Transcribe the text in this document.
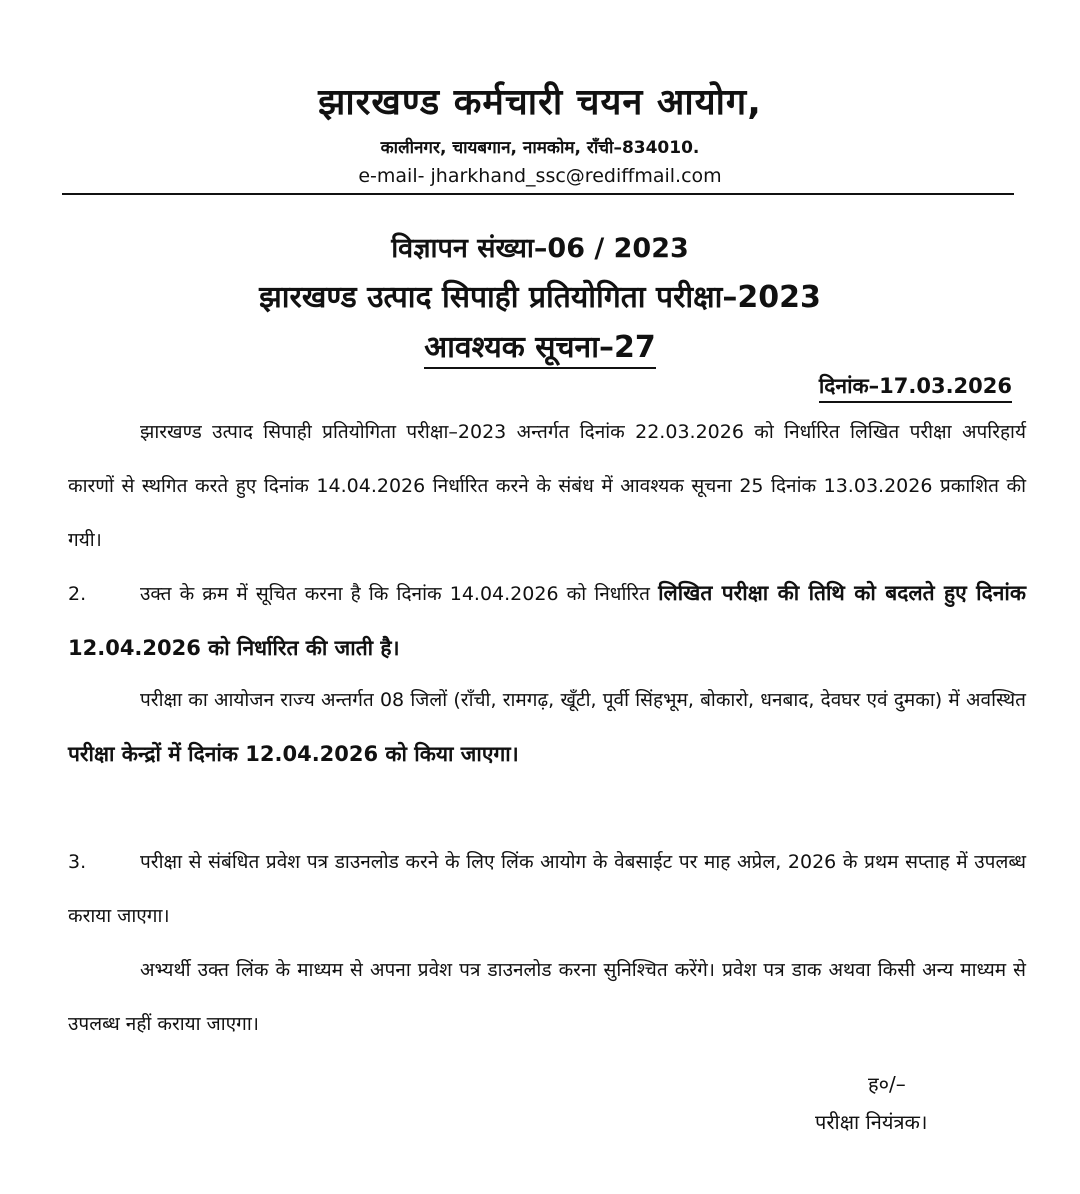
झारखण्ड कर्मचारी चयन आयोग,
कालीनगर, चायबगान, नामकोम, राँची–834010.
e-mail- jharkhand_ssc@rediffmail.com
विज्ञापन संख्या–06 / 2023
झारखण्ड उत्पाद सिपाही प्रतियोगिता परीक्षा–2023
आवश्यक सूचना–27
दिनांक–17.03.2026
झारखण्ड उत्पाद सिपाही प्रतियोगिता परीक्षा–2023 अन्तर्गत दिनांक 22.03.2026 को निर्धारित लिखित परीक्षा अपरिहार्य कारणों से स्थगित करते हुए दिनांक 14.04.2026 निर्धारित करने के संबंध में आवश्यक सूचना 25 दिनांक 13.03.2026 प्रकाशित की गयी।
2.	उक्त के क्रम में सूचित करना है कि दिनांक 14.04.2026 को निर्धारित लिखित परीक्षा की तिथि को बदलते हुए दिनांक 12.04.2026 को निर्धारित की जाती है।
परीक्षा का आयोजन राज्य अन्तर्गत 08 जिलों (राँची, रामगढ़, खूँटी, पूर्वी सिंहभूम, बोकारो, धनबाद, देवघर एवं दुमका) में अवस्थित परीक्षा केन्द्रों में दिनांक 12.04.2026 को किया जाएगा।
3.	परीक्षा से संबंधित प्रवेश पत्र डाउनलोड करने के लिए लिंक आयोग के वेबसाईट पर माह अप्रेल, 2026 के प्रथम सप्ताह में उपलब्ध कराया जाएगा।
अभ्यर्थी उक्त लिंक के माध्यम से अपना प्रवेश पत्र डाउनलोड करना सुनिश्चित करेंगे। प्रवेश पत्र डाक अथवा किसी अन्य माध्यम से उपलब्ध नहीं कराया जाएगा।
ह०/–
परीक्षा नियंत्रक।
